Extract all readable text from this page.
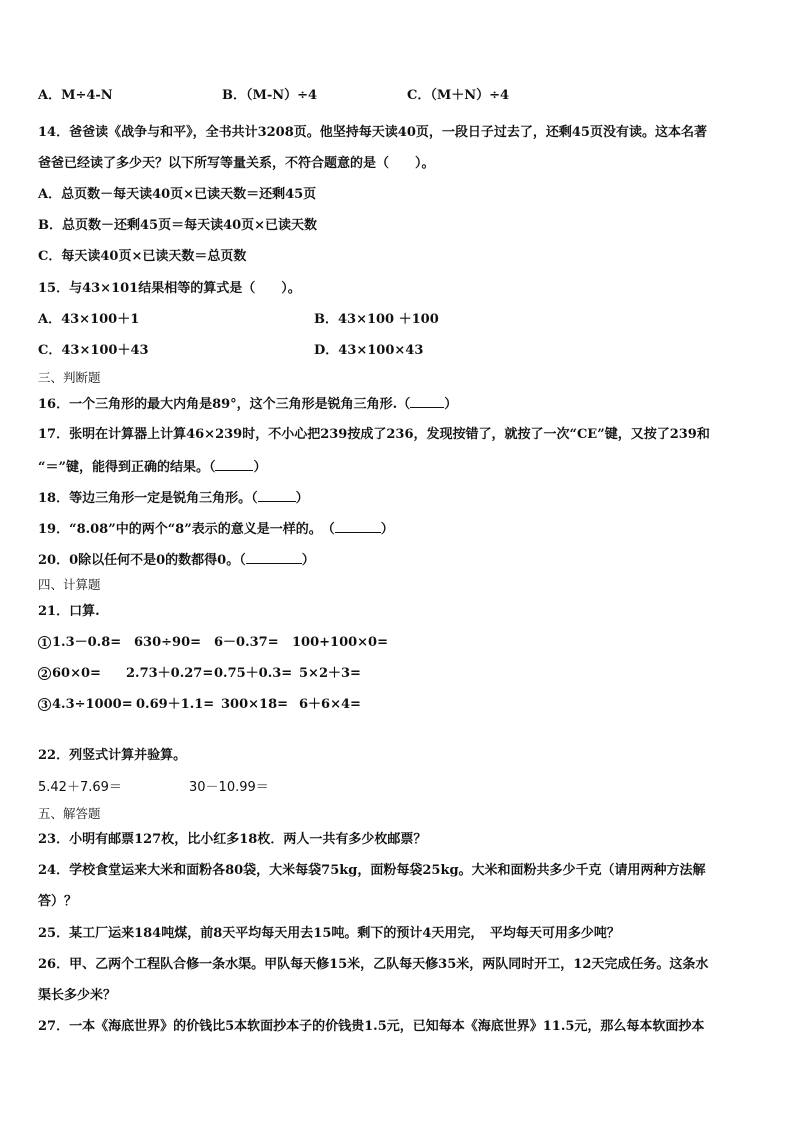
A．M÷4-N	B．（M-N）÷4	C．（M＋N）÷4
14．爸爸读《战争与和平》，全书共计3208页。他坚持每天读40页，一段日子过去了，还剩45页没有读。这本名著
爸爸已经读了多少天？以下所写等量关系，不符合题意的是（　　）。
A．总页数－每天读40页×已读天数＝还剩45页
B．总页数－还剩45页＝每天读40页×已读天数
C．每天读40页×已读天数＝总页数
15．与43×101结果相等的算式是（　　）。
A．43×100＋1	B．43×100 ＋100
C．43×100＋43	D．43×100×43
三、判断题
16．一个三角形的最大内角是89°，这个三角形是锐角三角形.（	）
17．张明在计算器上计算46×239时，不小心把239按成了236，发现按错了，就按了一次“CE”键，又按了239和
“＝”键，能得到正确的结果。（	）
18．等边三角形一定是锐角三角形。（	）
19．“8.08”中的两个“8”表示的意义是一样的。　（	）
20．0除以任何不是0的数都得0。（	）
四、计算题
21．口算.
1 1.3－0.8= 630÷90= 6－0.37= 100+100×0=
2 60×0= 2.73＋0.27= 0.75＋0.3= 5×2＋3=
3 4.3÷1000= 0.69＋1.1= 300×18= 6＋6×4=
22．列竖式计算并验算。
5.42＋7.69＝	30－10.99＝
五、解答题
23．小明有邮票127枚，比小红多18枚．两人一共有多少枚邮票？
24．学校食堂运来大米和面粉各80袋，大米每袋75kg，面粉每袋25kg。大米和面粉共多少千克（请用两种方法解
答）？
25．某工厂运来184吨煤，前8天平均每天用去15吨。剩下的预计4天用完，　平均每天可用多少吨？
26．甲、乙两个工程队合修一条水渠。甲队每天修15米，乙队每天修35米，两队同时开工，12天完成任务。这条水
渠长多少米？
27．一本《海底世界》的价钱比5本软面抄本子的价钱贵1.5元，已知每本《海底世界》11.5元，那么每本软面抄本
